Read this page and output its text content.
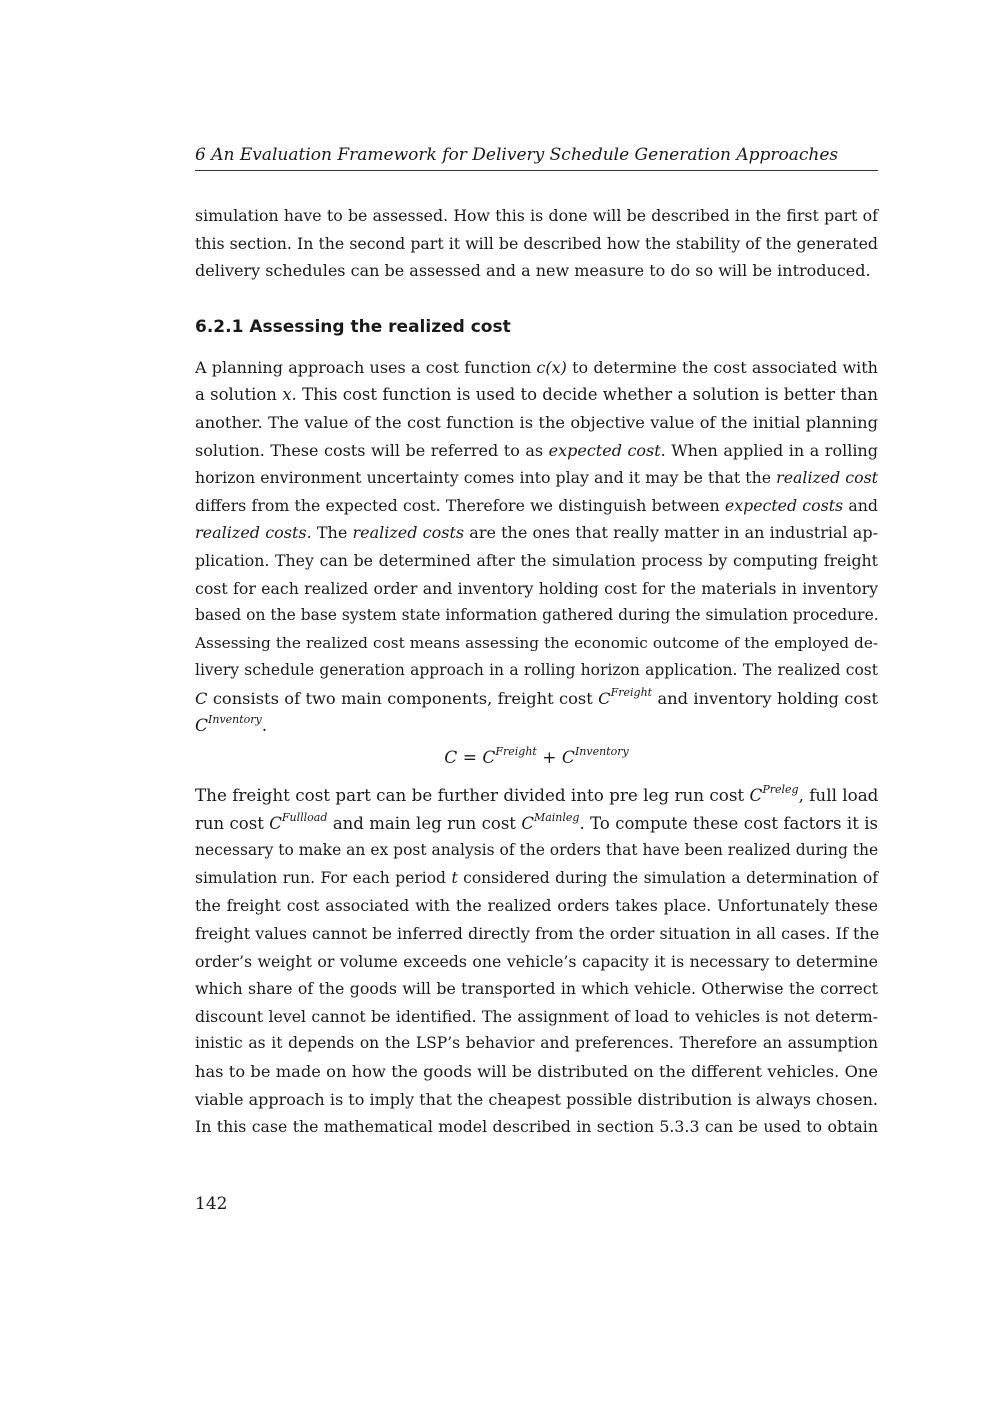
6 An Evaluation Framework for Delivery Schedule Generation Approaches
simulation have to be assessed. How this is done will be described in the first part of
this section. In the second part it will be described how the stability of the generated
delivery schedules can be assessed and a new measure to do so will be introduced.
6.2.1 Assessing the realized cost
A planning approach uses a cost function c(x) to determine the cost associated with
a solution x. This cost function is used to decide whether a solution is better than
another. The value of the cost function is the objective value of the initial planning
solution. These costs will be referred to as expected cost. When applied in a rolling
horizon environment uncertainty comes into play and it may be that the realized cost
differs from the expected cost. Therefore we distinguish between expected costs and
realized costs. The realized costs are the ones that really matter in an industrial ap-
plication. They can be determined after the simulation process by computing freight
cost for each realized order and inventory holding cost for the materials in inventory
based on the base system state information gathered during the simulation procedure.
Assessing the realized cost means assessing the economic outcome of the employed de-
livery schedule generation approach in a rolling horizon application. The realized cost
C consists of two main components, freight cost $C^{Freight}$ and inventory holding cost
$C^{Inventory}$.
$C = C^{Freight} + C^{Inventory}$
The freight cost part can be further divided into pre leg run cost $C^{Preleg}$, full load
run cost $C^{Fullload}$ and main leg run cost $C^{Mainleg}$. To compute these cost factors it is
necessary to make an ex post analysis of the orders that have been realized during the
simulation run. For each period t considered during the simulation a determination of
the freight cost associated with the realized orders takes place. Unfortunately these
freight values cannot be inferred directly from the order situation in all cases. If the
order’s weight or volume exceeds one vehicle’s capacity it is necessary to determine
which share of the goods will be transported in which vehicle. Otherwise the correct
discount level cannot be identified. The assignment of load to vehicles is not determ-
inistic as it depends on the LSP’s behavior and preferences. Therefore an assumption
has to be made on how the goods will be distributed on the different vehicles. One
viable approach is to imply that the cheapest possible distribution is always chosen.
In this case the mathematical model described in section 5.3.3 can be used to obtain
142
